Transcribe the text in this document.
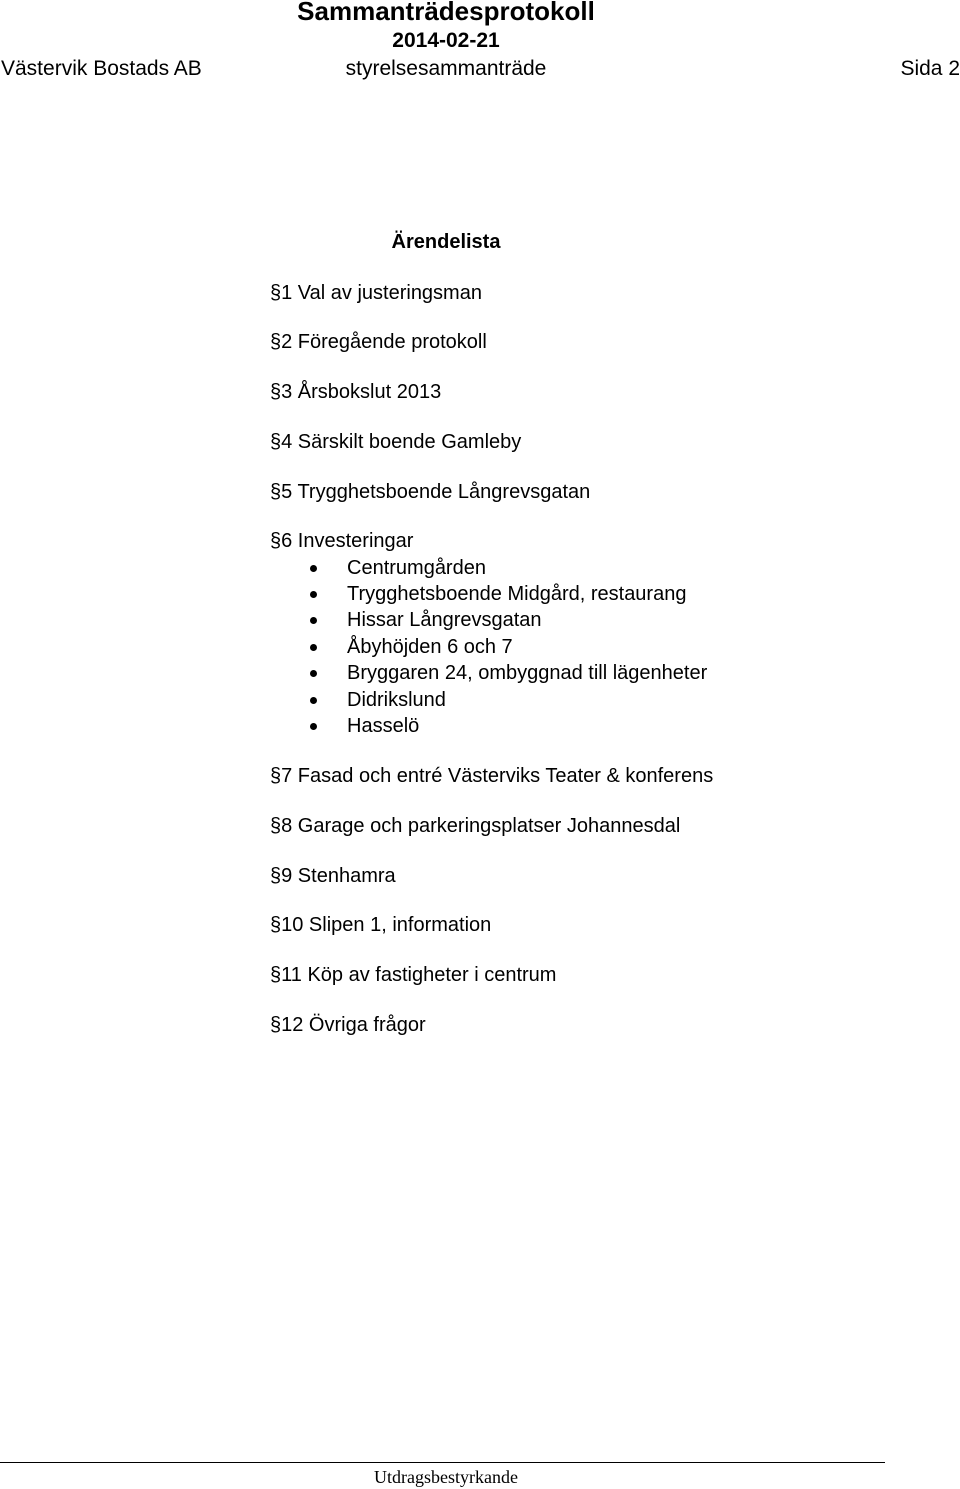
Sammanträdesprotokoll
2014-02-21
Västervik Bostads AB	styrelsesammanträde	Sida 2
Ärendelista
§1 Val av justeringsman
§2 Föregående protokoll
§3 Årsbokslut 2013
§4 Särskilt boende Gamleby
§5 Trygghetsboende Långrevsgatan
§6 Investeringar
Centrumgården
Trygghetsboende Midgård, restaurang
Hissar Långrevsgatan
Åbyhöjden 6 och 7
Bryggaren 24, ombyggnad till lägenheter
Didrikslund
Hasselö
§7 Fasad och entré Västerviks Teater & konferens
§8 Garage och parkeringsplatser Johannesdal
§9 Stenhamra
§10 Slipen 1, information
§11 Köp av fastigheter i centrum
§12 Övriga frågor
Utdragsbestyrkande
